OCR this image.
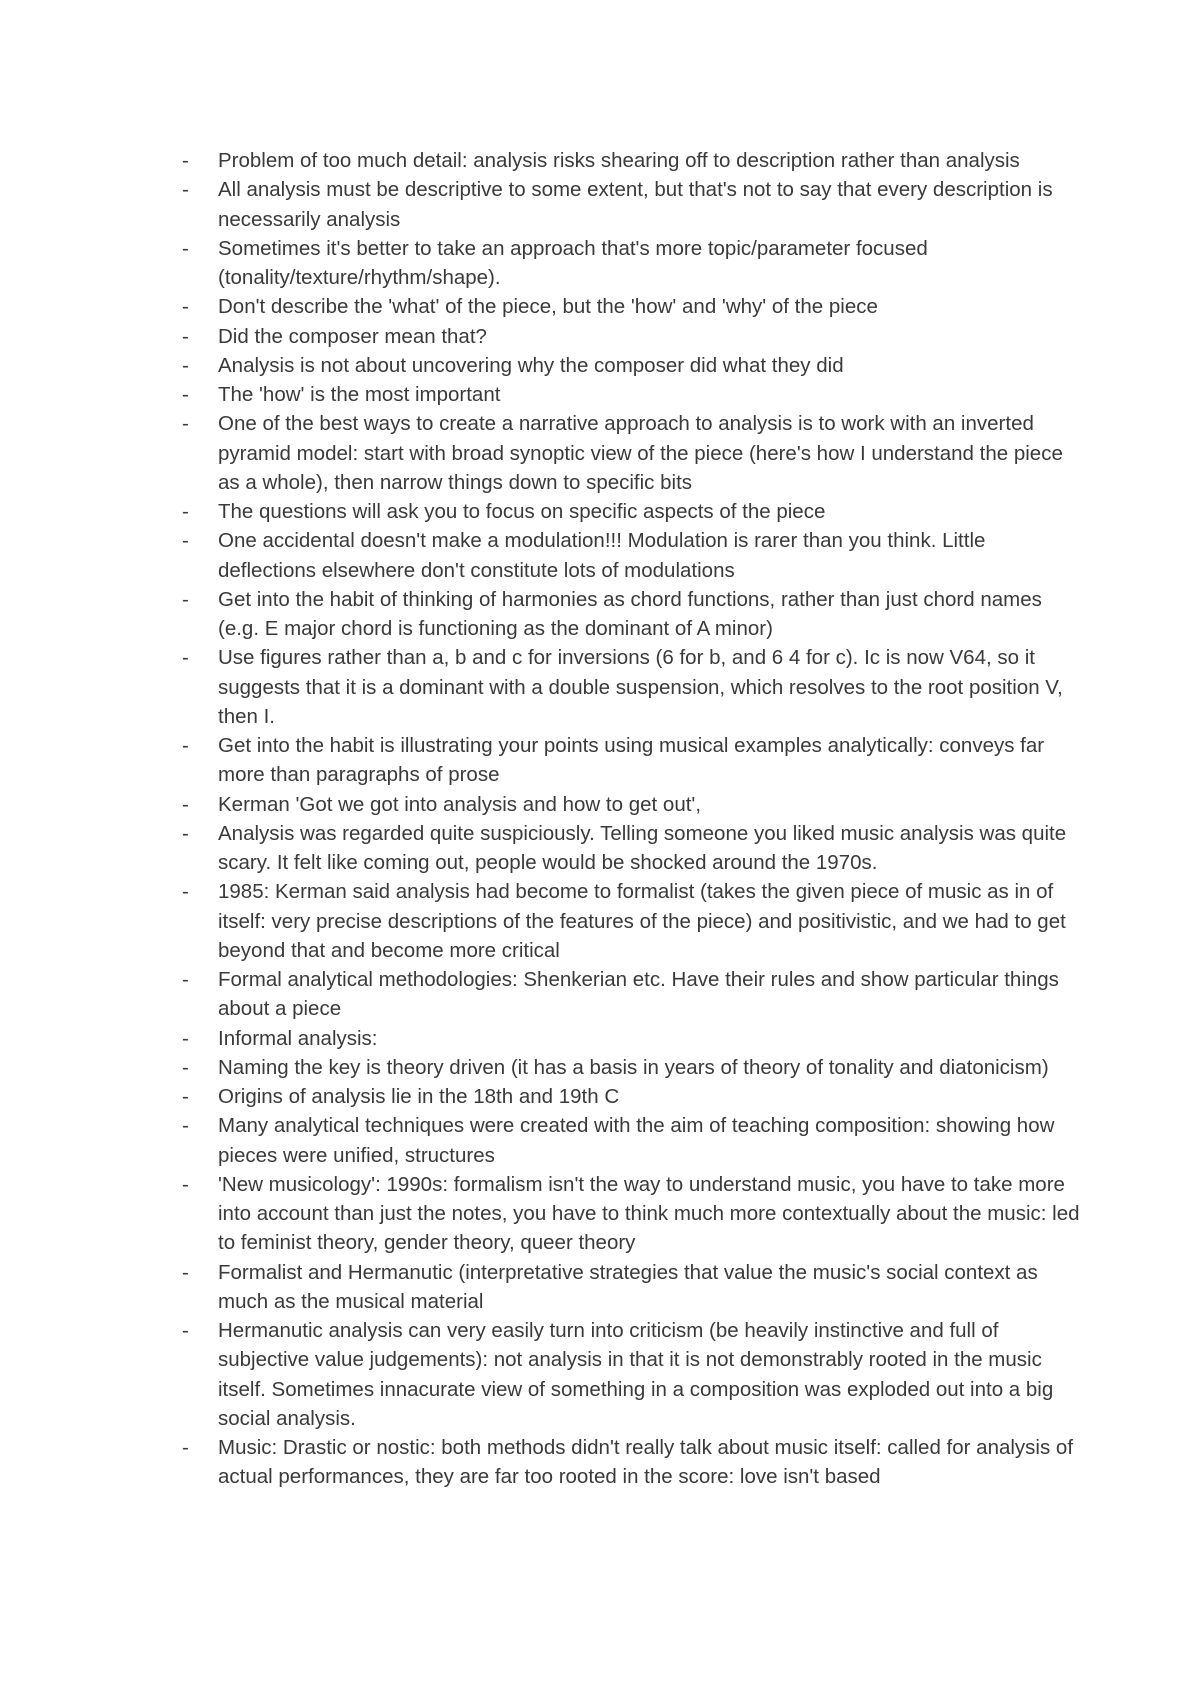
-	Problem of too much detail: analysis risks shearing off to description rather than analysis
-	All analysis must be descriptive to some extent, but that's not to say that every description is necessarily analysis
-	Sometimes it's better to take an approach that's more topic/parameter focused (tonality/texture/rhythm/shape).
-	Don't describe the 'what' of the piece, but the 'how' and 'why' of the piece
-	Did the composer mean that?
-	Analysis is not about uncovering why the composer did what they did
-	The 'how' is the most important
-	One of the best ways to create a narrative approach to analysis is to work with an inverted pyramid model: start with broad synoptic view of the piece (here's how I understand the piece as a whole), then narrow things down to specific bits
-	The questions will ask you to focus on specific aspects of the piece
-	One accidental doesn't make a modulation!!! Modulation is rarer than you think. Little deflections elsewhere don't constitute lots of modulations
-	Get into the habit of thinking of harmonies as chord functions, rather than just chord names (e.g. E major chord is functioning as the dominant of A minor)
-	Use figures rather than a, b and c for inversions (6 for b, and 6 4 for c). Ic is now V64, so it suggests that it is a dominant with a double suspension, which resolves to the root position V, then I.
-	Get into the habit is illustrating your points using musical examples analytically: conveys far more than paragraphs of prose
-	Kerman 'Got we got into analysis and how to get out',
-	Analysis was regarded quite suspiciously. Telling someone you liked music analysis was quite scary. It felt like coming out, people would be shocked around the 1970s.
-	1985: Kerman said analysis had become to formalist (takes the given piece of music as in of itself: very precise descriptions of the features of the piece) and positivistic, and we had to get beyond that and become more critical
-	Formal analytical methodologies: Shenkerian etc. Have their rules and show particular things about a piece
-	Informal analysis:
-	Naming the key is theory driven (it has a basis in years of theory of tonality and diatonicism)
-	Origins of analysis lie in the 18th and 19th C
-	Many analytical techniques were created with the aim of teaching composition: showing how pieces were unified, structures
-	'New musicology': 1990s: formalism isn't the way to understand music, you have to take more into account than just the notes, you have to think much more contextually about the music: led to feminist theory, gender theory, queer theory
-	Formalist and Hermanutic (interpretative strategies that value the music's social context as much as the musical material
-	Hermanutic analysis can very easily turn into criticism (be heavily instinctive and full of subjective value judgements): not analysis in that it is not demonstrably rooted in the music itself. Sometimes innacurate view of something in a composition was exploded out into a big social analysis.
-	Music: Drastic or nostic: both methods didn't really talk about music itself: called for analysis of actual performances, they are far too rooted in the score: love isn't based
